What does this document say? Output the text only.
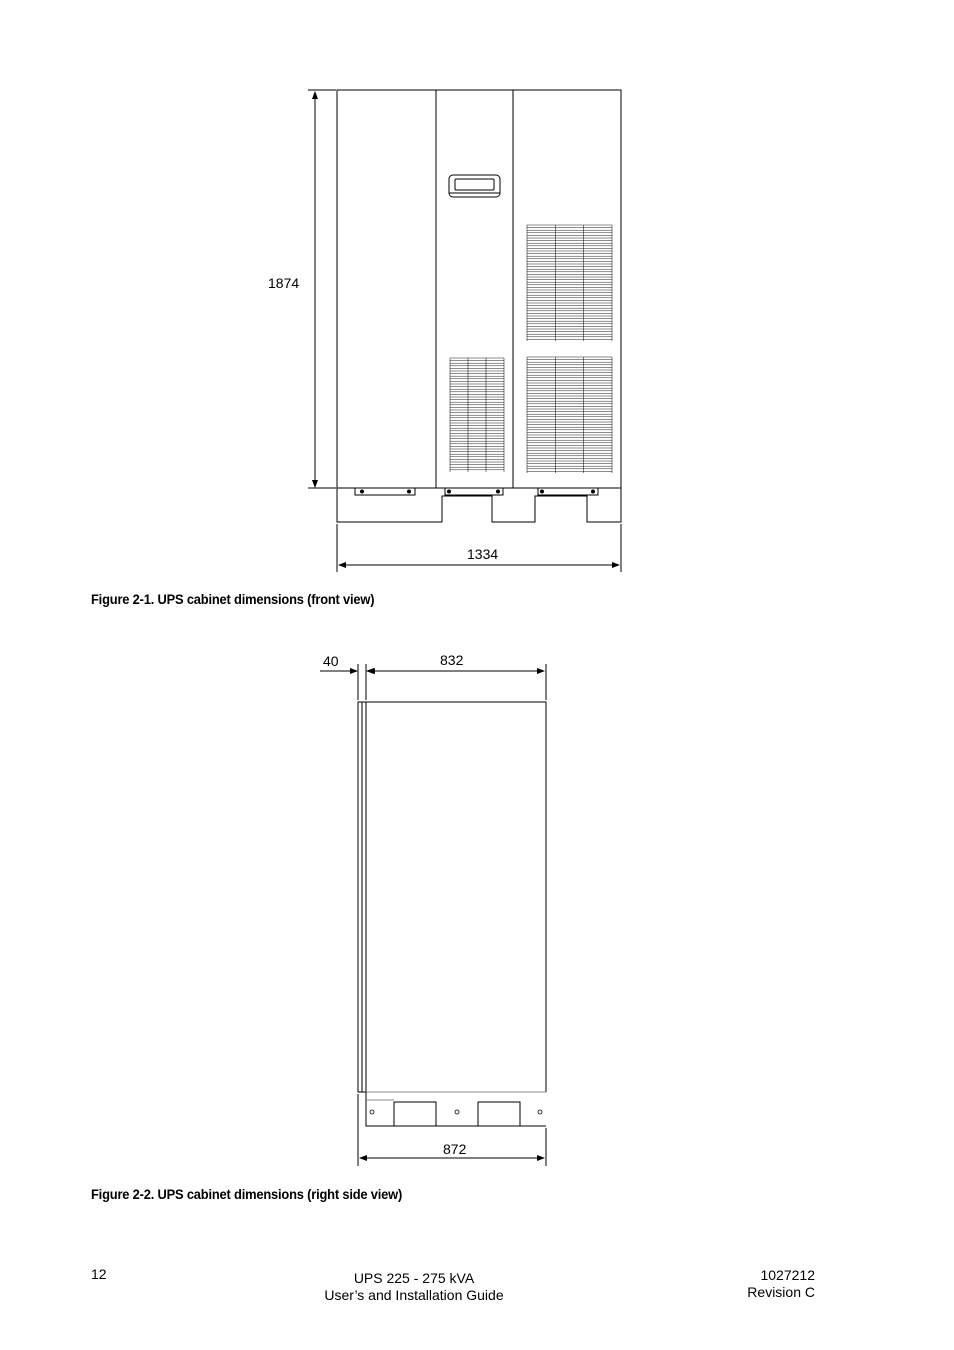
1874
1334
Figure 2-1. UPS cabinet dimensions (front view)
40	832
872
Figure 2-2. UPS cabinet dimensions (right side view)
12	UPS 225 - 275 kVA
User’s and Installation Guide
1027212
Revision C
